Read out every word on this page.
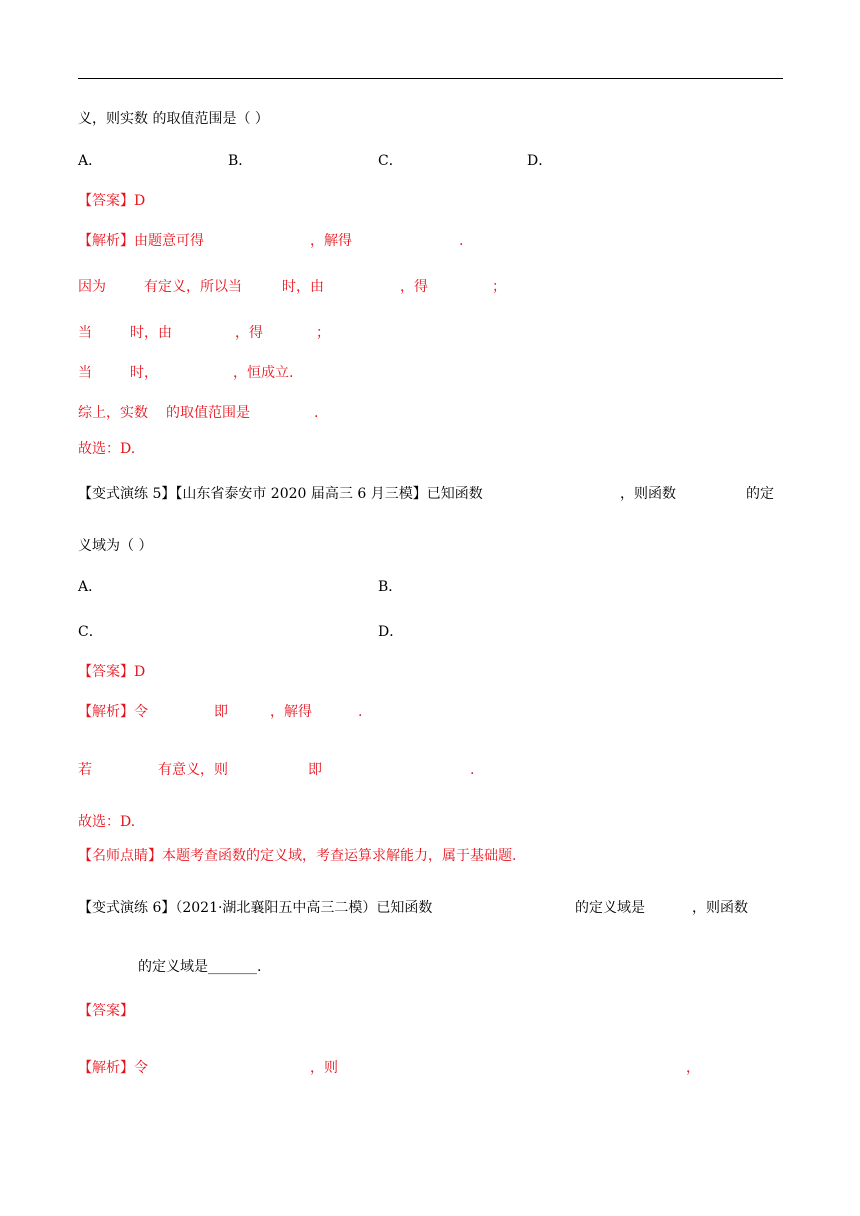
义，则实数 的取值范围是（ ）
A．	B．	C．	D．
【答案】D
【解析】由题意可得	，解得	.
因为	有定义，所以当	时，由	，得	；
当	时，由	，得	；
当	时，	，恒成立.
综上，实数 的取值范围是	.
故选：D.
【变式演练 5】【山东省泰安市 2020 届高三 6 月三模】已知函数	，则函数	的定
义域为（ ）
A．	B．
C．	D．
【答案】D
【解析】令	即	，解得	.
若	有意义，则	即	.
故选：D.
【名师点睛】本题考查函数的定义域，考查运算求解能力，属于基础题.
【变式演练 6】（2021·湖北襄阳五中高三二模）已知函数	的定义域是	，则函数
的定义域是_______.
【答案】
【解析】令	，则	，
